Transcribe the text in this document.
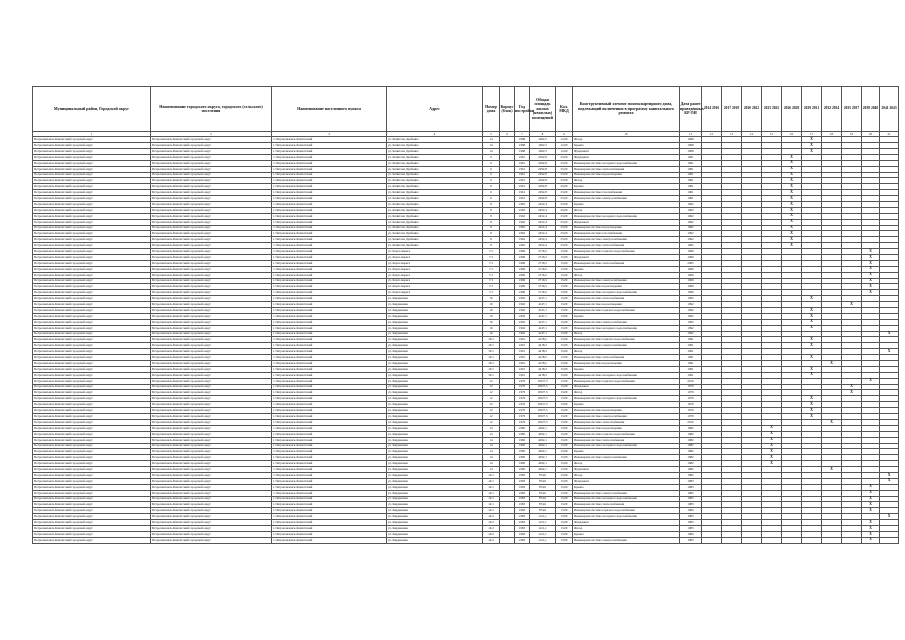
Муниципальный район, Городской округ	Наименование городского округа, городского (сельского) поселения	Наименование населенного пункта	Адрес	Номер дома	Корпус (блок)	Год постройки	Общая площадь жилых (нежилых) помещений	Кол. МКД	Конструктивный элемент многоквартирного дома, подлежащий включению в программу капитального ремонта	Дата ранее проведенных КР ОИ	2014 2016	2017 2019	2020 2022	2023 2025	2026 2028	2029 2031	2032 2034	2035 2037	2038 2040	2041 2043
1	2	3	4	5	6	7	8	9	10	11	12	13	14	15	16	17	18	19	20	21
Петропавловск-Камчатский городской округ	Петропавловск-Камчатский городской округ	г. Петропавловск-Камчатский	ул. Капитана Драбкина	14		1968	1062,5	12,00	Фасад	1968						X				
Петропавловск-Камчатский городской округ	Петропавловск-Камчатский городской округ	г. Петропавловск-Камчатский	ул. Капитана Драбкина	14		1968	1062,5	12,00	Крыша	1968						X				
Петропавловск-Камчатский городской округ	Петропавловск-Камчатский городской округ	г. Петропавловск-Камчатский	ул. Капитана Драбкина	14		1968	1062,5	12,00	Фундамент	1968						X				
Петропавловск-Камчатский городской округ	Петропавловск-Камчатский городской округ	г. Петропавловск-Камчатский	ул. Капитана Драбкина	6		1961	2292,8	25,00	Фундамент	1961					X					
Петропавловск-Камчатский городской округ	Петропавловск-Камчатский городской округ	г. Петропавловск-Камчатский	ул. Капитана Драбкина	6		1961	2292,8	25,00	Инженерная система холодного водоснабжения	1961					X					
Петропавловск-Камчатский городской округ	Петропавловск-Камчатский городской округ	г. Петропавловск-Камчатский	ул. Капитана Драбкина	6		1961	2292,8	25,00	Инженерная система теплоснабжения	1961					X					
Петропавловск-Камчатский городской округ	Петропавловск-Камчатский городской округ	г. Петропавловск-Камчатский	ул. Капитана Драбкина	6		1961	2292,8	25,00	Инженерная система водоотведения	1961					X					
Петропавловск-Камчатский городской округ	Петропавловск-Камчатский городской округ	г. Петропавловск-Камчатский	ул. Капитана Драбкина	6		1961	2292,8	25,00	Фасад	1961					X					
Петропавловск-Камчатский городской округ	Петропавловск-Камчатский городской округ	г. Петропавловск-Камчатский	ул. Капитана Драбкина	6		1961	2292,8	25,00	Крыша	1961					X					
Петропавловск-Камчатский городской округ	Петропавловск-Камчатский городской округ	г. Петропавловск-Камчатский	ул. Капитана Драбкина	6		1961	2292,8	25,00	Инженерная система газоснабжения	1961					X					
Петропавловск-Камчатский городской округ	Петропавловск-Камчатский городской округ	г. Петропавловск-Камчатский	ул. Капитана Драбкина	6		1961	2292,8	25,00	Инженерная система электроснабжения	1961					X					
Петропавловск-Камчатский городской округ	Петропавловск-Камчатский городской округ	г. Петропавловск-Камчатский	ул. Капитана Драбкина	8		1962	2452,4	25,00	Крыша	1962					X					
Петропавловск-Камчатский городской округ	Петропавловск-Камчатский городской округ	г. Петропавловск-Камчатский	ул. Капитана Драбкина	8		1962	2452,4	25,00	Фасад	1962					X					
Петропавловск-Камчатский городской округ	Петропавловск-Камчатский городской округ	г. Петропавловск-Камчатский	ул. Капитана Драбкина	8		1962	2452,4	25,00	Инженерная система холодного водоснабжения	1962					X					
Петропавловск-Камчатский городской округ	Петропавловск-Камчатский городской округ	г. Петропавловск-Камчатский	ул. Капитана Драбкина	8		1962	2452,4	25,00	Фундамент	1962					X					
Петропавловск-Камчатский городской округ	Петропавловск-Камчатский городской округ	г. Петропавловск-Камчатский	ул. Капитана Драбкина	8		1962	2452,4	25,00	Инженерная система водоотведения	1962					X					
Петропавловск-Камчатский городской округ	Петропавловск-Камчатский городской округ	г. Петропавловск-Камчатский	ул. Капитана Драбкина	8		1962	2452,4	25,00	Инженерная система газоснабжения	1962					X					
Петропавловск-Камчатский городской округ	Петропавловск-Камчатский городской округ	г. Петропавловск-Камчатский	ул. Капитана Драбкина	8		1962	2452,4	25,00	Инженерная система электроснабжения	1962					X					
Петропавловск-Камчатский городской округ	Петропавловск-Камчатский городской округ	г. Петропавловск-Камчатский	ул. Капитана Драбкина	8		1962	2452,4	25,00	Инженерная система теплоснабжения	1962					X					
Петропавловск-Камчатский городской округ	Петропавловск-Камчатский городской округ	г. Петропавловск-Камчатский	ул. Карла маркса	7/1		1969	2716,5	15,00	Инженерная система горячего водоснабжения	1969									X	
Петропавловск-Камчатский городской округ	Петропавловск-Камчатский городской округ	г. Петропавловск-Камчатский	ул. Карла маркса	7/1		1969	2716,5	15,00	Фундамент	1969									X	
Петропавловск-Камчатский городской округ	Петропавловск-Камчатский городской округ	г. Петропавловск-Камчатский	ул. Карла маркса	7/1		1969	2716,5	15,00	Инженерная система теплоснабжения	2005									X	
Петропавловск-Камчатский городской округ	Петропавловск-Камчатский городской округ	г. Петропавловск-Камчатский	ул. Карла маркса	7/1		1969	2716,5	15,00	Крыша	1969									X	
Петропавловск-Камчатский городской округ	Петропавловск-Камчатский городской округ	г. Петропавловск-Камчатский	ул. Карла маркса	7/1		1969	2716,5	15,00	Фасад	1969									X	
Петропавловск-Камчатский городской округ	Петропавловск-Камчатский городской округ	г. Петропавловск-Камчатский	ул. Карла маркса	7/1		1969	2716,5	15,00	Инженерная система электроснабжения	1969									X	
Петропавловск-Камчатский городской округ	Петропавловск-Камчатский городской округ	г. Петропавловск-Камчатский	ул. Карла маркса	7/1		1969	2716,5	15,00	Инженерная система водоотведения	1969									X	
Петропавловск-Камчатский городской округ	Петропавловск-Камчатский городской округ	г. Петропавловск-Камчатский	ул. Карла маркса	7/1		1969	2716,5	15,00	Инженерная система холодного водоснабжения	1969									X	
Петропавловск-Камчатский городской округ	Петропавловск-Камчатский городской округ	г. Петропавловск-Камчатский	ул. Кирдышева	10		1992	4147,1	15,00	Инженерная система теплоснабжения	1992						X				
Петропавловск-Камчатский городской округ	Петропавловск-Камчатский городской округ	г. Петропавловск-Камчатский	ул. Кирдышева	10		1992	4147,1	15,00	Инженерная система водоотведения	1992								X		
Петропавловск-Камчатский городской округ	Петропавловск-Камчатский городской округ	г. Петропавловск-Камчатский	ул. Кирдышева	10		1992	4147,1	15,00	Инженерная система горячего водоснабжения	1992						X				
Петропавловск-Камчатский городской округ	Петропавловск-Камчатский городской округ	г. Петропавловск-Камчатский	ул. Кирдышева	10		1992	4147,1	15,00	Крыша	1992						X				
Петропавловск-Камчатский городской округ	Петропавловск-Камчатский городской округ	г. Петропавловск-Камчатский	ул. Кирдышева	10		1992	4147,1	15,00	Инженерная система электроснабжения	1992						X				
Петропавловск-Камчатский городской округ	Петропавловск-Камчатский городской округ	г. Петропавловск-Камчатский	ул. Кирдышева	10		1992	4147,1	15,00	Инженерная система холодного водоснабжения	1992						X				
Петропавловск-Камчатский городской округ	Петропавловск-Камчатский городской округ	г. Петропавловск-Камчатский	ул. Кирдышева	10		1992	4147,1	15,00	Фасад	1992										X
Петропавловск-Камчатский городской округ	Петропавловск-Камчатский городской округ	г. Петропавловск-Камчатский	ул. Кирдышева	10/1		1991	4218,5	15,00	Инженерная система горячего водоснабжения	1991						X				
Петропавловск-Камчатский городской округ	Петропавловск-Камчатский городской округ	г. Петропавловск-Камчатский	ул. Кирдышева	10/1		1991	4218,5	15,00	Инженерная система электроснабжения	1991						X				
Петропавловск-Камчатский городской округ	Петропавловск-Камчатский городской округ	г. Петропавловск-Камчатский	ул. Кирдышева	10/1		1991	4218,5	15,00	Фасад	1991										X
Петропавловск-Камчатский городской округ	Петропавловск-Камчатский городской округ	г. Петропавловск-Камчатский	ул. Кирдышева	10/1		1991	4218,5	15,00	Инженерная система теплоснабжения	1991						X				
Петропавловск-Камчатский городской округ	Петропавловск-Камчатский городской округ	г. Петропавловск-Камчатский	ул. Кирдышева	10/1		1991	4218,5	15,00	Инженерная система водоотведения	1991							X			
Петропавловск-Камчатский городской округ	Петропавловск-Камчатский городской округ	г. Петропавловск-Камчатский	ул. Кирдышева	10/1		1991	4218,5	15,00	Крыша	1991						X				
Петропавловск-Камчатский городской округ	Петропавловск-Камчатский городской округ	г. Петропавловск-Камчатский	ул. Кирдышева	10/1		1991	4218,5	15,00	Инженерная система холодного водоснабжения	1991						X				
Петропавловск-Камчатский городской округ	Петропавловск-Камчатский городской округ	г. Петропавловск-Камчатский	ул. Кирдышева	12		1979	10527,5	15,00	Инженерная система горячего водоснабжения	2010									X	
Петропавловск-Камчатский городской округ	Петропавловск-Камчатский городской округ	г. Петропавловск-Камчатский	ул. Кирдышева	12		1979	10527,5	15,00	Фундамент	1979								X		
Петропавловск-Камчатский городской округ	Петропавловск-Камчатский городской округ	г. Петропавловск-Камчатский	ул. Кирдышева	12		1979	10527,5	15,00	Фасад	1979								X		
Петропавловск-Камчатский городской округ	Петропавловск-Камчатский городской округ	г. Петропавловск-Камчатский	ул. Кирдышева	12		1979	10527,5	15,00	Инженерная система холодного водоснабжения	1979						X				
Петропавловск-Камчатский городской округ	Петропавловск-Камчатский городской округ	г. Петропавловск-Камчатский	ул. Кирдышева	12		1979	10527,5	15,00	Крыша	1979						X				
Петропавловск-Камчатский городской округ	Петропавловск-Камчатский городской округ	г. Петропавловск-Камчатский	ул. Кирдышева	12		1979	10527,5	15,00	Инженерная система водоотведения	1979						X				
Петропавловск-Камчатский городской округ	Петропавловск-Камчатский городской округ	г. Петропавловск-Камчатский	ул. Кирдышева	12		1979	10527,5	15,00	Инженерная система электроснабжения	1979						X				
Петропавловск-Камчатский городской округ	Петропавловск-Камчатский городской округ	г. Петропавловск-Камчатский	ул. Кирдышева	12		1979	10527,5	15,00	Инженерная система теплоснабжения	2010							X			
Петропавловск-Камчатский городской округ	Петропавловск-Камчатский городской округ	г. Петропавловск-Камчатский	ул. Кирдышева	14		1982	4292,1	15,00	Инженерная система водоотведения	1982				X						
Петропавловск-Камчатский городской округ	Петропавловск-Камчатский городской округ	г. Петропавловск-Камчатский	ул. Кирдышева	14		1982	4292,1	15,00	Инженерная система горячего водоснабжения	1982				X						
Петропавловск-Камчатский городской округ	Петропавловск-Камчатский городской округ	г. Петропавловск-Камчатский	ул. Кирдышева	14		1982	4292,1	15,00	Инженерная система теплоснабжения	1982				X						
Петропавловск-Камчатский городской округ	Петропавловск-Камчатский городской округ	г. Петропавловск-Камчатский	ул. Кирдышева	14		1982	4292,1	15,00	Инженерная система холодного водоснабжения	1982				X						
Петропавловск-Камчатский городской округ	Петропавловск-Камчатский городской округ	г. Петропавловск-Камчатский	ул. Кирдышева	14		1982	4292,1	15,00	Крыша	1982				X						
Петропавловск-Камчатский городской округ	Петропавловск-Камчатский городской округ	г. Петропавловск-Камчатский	ул. Кирдышева	14		1982	4292,1	15,00	Инженерная система электроснабжения	1982				X						
Петропавловск-Камчатский городской округ	Петропавловск-Камчатский городской округ	г. Петропавловск-Камчатский	ул. Кирдышева	14		1982	4292,1	15,00	Фасад	1982				X						
Петропавловск-Камчатский городской округ	Петропавловск-Камчатский городской округ	г. Петропавловск-Камчатский	ул. Кирдышева	14		1982	4292,1	15,00	Фундамент	1982							X			
Петропавловск-Камчатский городской округ	Петропавловск-Камчатский городской округ	г. Петропавловск-Камчатский	ул. Кирдышева	14/1		1983	874,6	15,00	Фасад	1983										X
Петропавловск-Камчатский городской округ	Петропавловск-Камчатский городской округ	г. Петропавловск-Камчатский	ул. Кирдышева	14/1		1983	874,6	15,00	Фундамент	1983										X
Петропавловск-Камчатский городской округ	Петропавловск-Камчатский городской округ	г. Петропавловск-Камчатский	ул. Кирдышева	14/1		1983	874,6	15,00	Крыша	1983									X	
Петропавловск-Камчатский городской округ	Петропавловск-Камчатский городской округ	г. Петропавловск-Камчатский	ул. Кирдышева	14/1		1983	874,6	15,00	Инженерная система электроснабжения	1983									X	
Петропавловск-Камчатский городской округ	Петропавловск-Камчатский городской округ	г. Петропавловск-Камчатский	ул. Кирдышева	14/1		1983	874,6	15,00	Инженерная система холодного водоснабжения	1983									X	
Петропавловск-Камчатский городской округ	Петропавловск-Камчатский городской округ	г. Петропавловск-Камчатский	ул. Кирдышева	14/1		1983	874,6	15,00	Инженерная система теплоснабжения	1983									X	
Петропавловск-Камчатский городской округ	Петропавловск-Камчатский городской округ	г. Петропавловск-Камчатский	ул. Кирдышева	14/1		1983	874,6	15,00	Инженерная система горячего водоснабжения	1983									X	
Петропавловск-Камчатский городской округ	Петропавловск-Камчатский городской округ	г. Петропавловск-Камчатский	ул. Кирдышева	14/2		1983	1411,1	15,00	Инженерная система холодного водоснабжения	1983										X
Петропавловск-Камчатский городской округ	Петропавловск-Камчатский городской округ	г. Петропавловск-Камчатский	ул. Кирдышева	14/2		1983	1411,1	15,00	Фундамент	1983									X	
Петропавловск-Камчатский городской округ	Петропавловск-Камчатский городской округ	г. Петропавловск-Камчатский	ул. Кирдышева	14/2		1983	1411,1	15,00	Фасад	1983									X	
Петропавловск-Камчатский городской округ	Петропавловск-Камчатский городской округ	г. Петропавловск-Камчатский	ул. Кирдышева	14/2		1983	1411,1	15,00	Крыша	1983									X	
Петропавловск-Камчатский городской округ	Петропавловск-Камчатский городской округ	г. Петропавловск-Камчатский	ул. Кирдышева	14/2		1983	1411,1	15,00	Инженерная система электроснабжения	1983									X	
